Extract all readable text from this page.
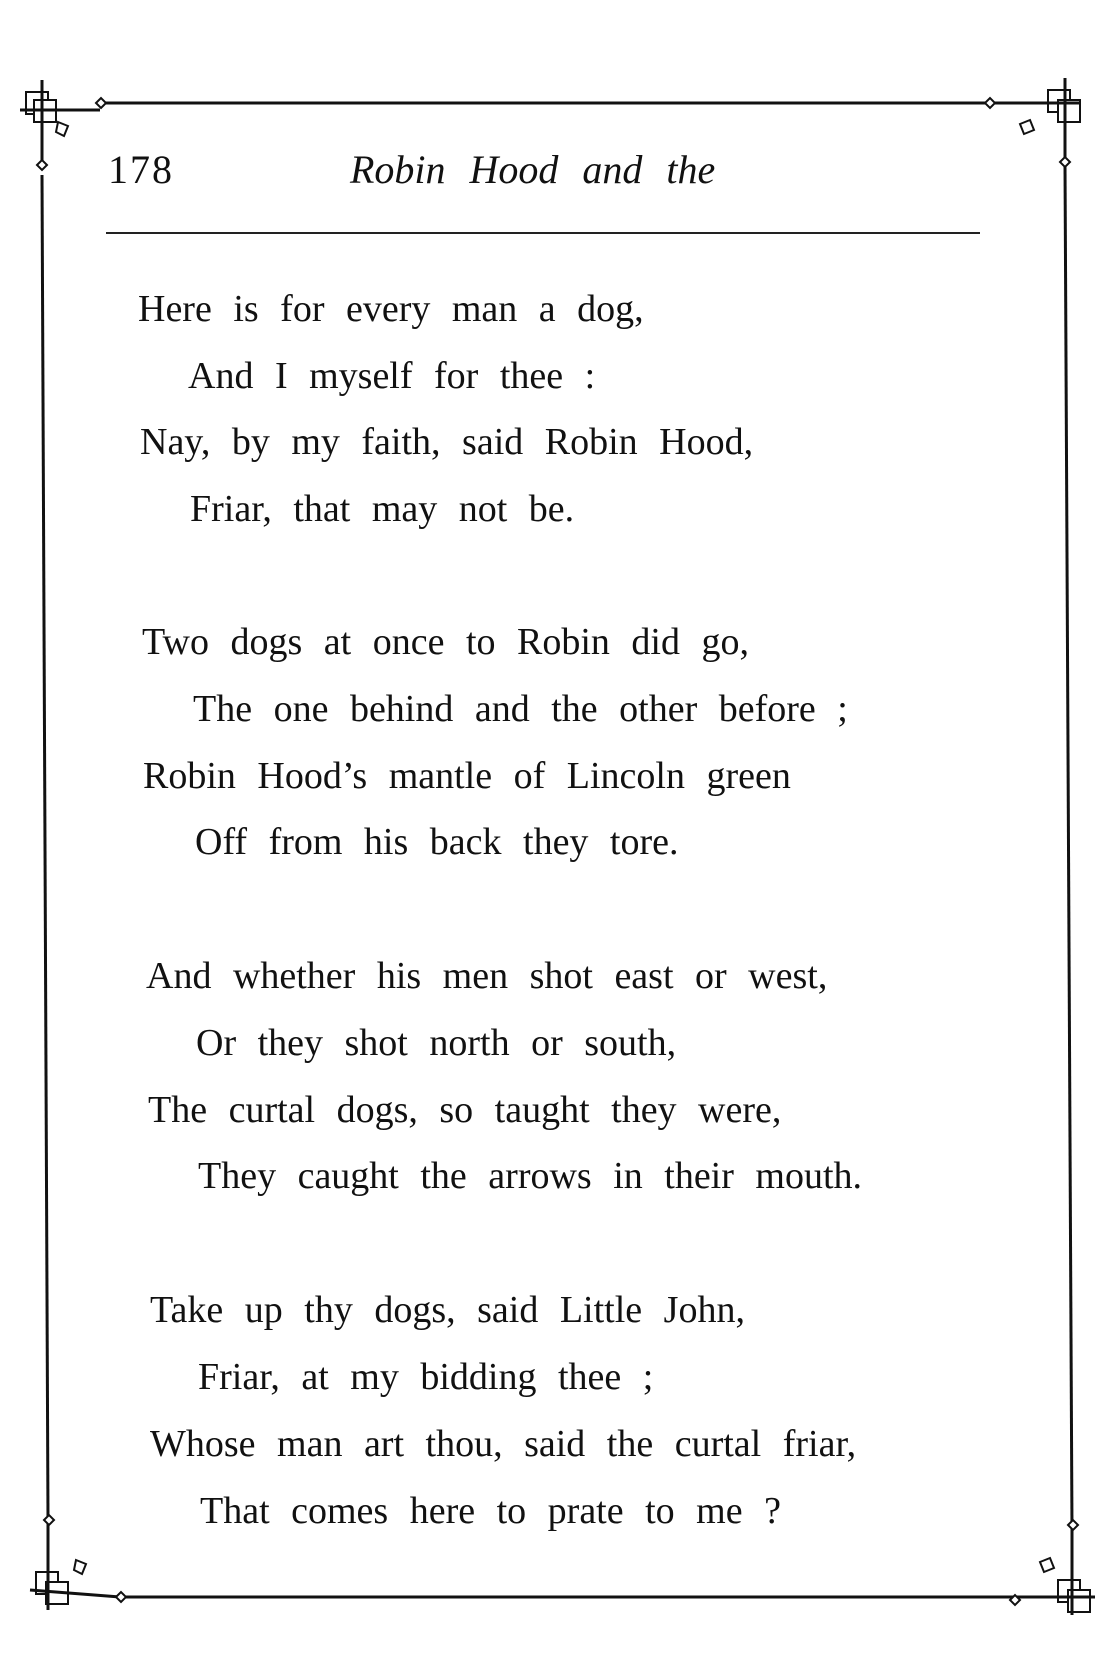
178	Robin Hood and the
Here is for every man a dog,
And I myself for thee :
Nay, by my faith, said Robin Hood,
Friar, that may not be.
Two dogs at once to Robin did go,
The one behind and the other before ;
Robin Hood’s mantle of Lincoln green
Off from his back they tore.
And whether his men shot east or west,
Or they shot north or south,
The curtal dogs, so taught they were,
They caught the arrows in their mouth.
Take up thy dogs, said Little John,
Friar, at my bidding thee ;
Whose man art thou, said the curtal friar,
That comes here to prate to me ?
